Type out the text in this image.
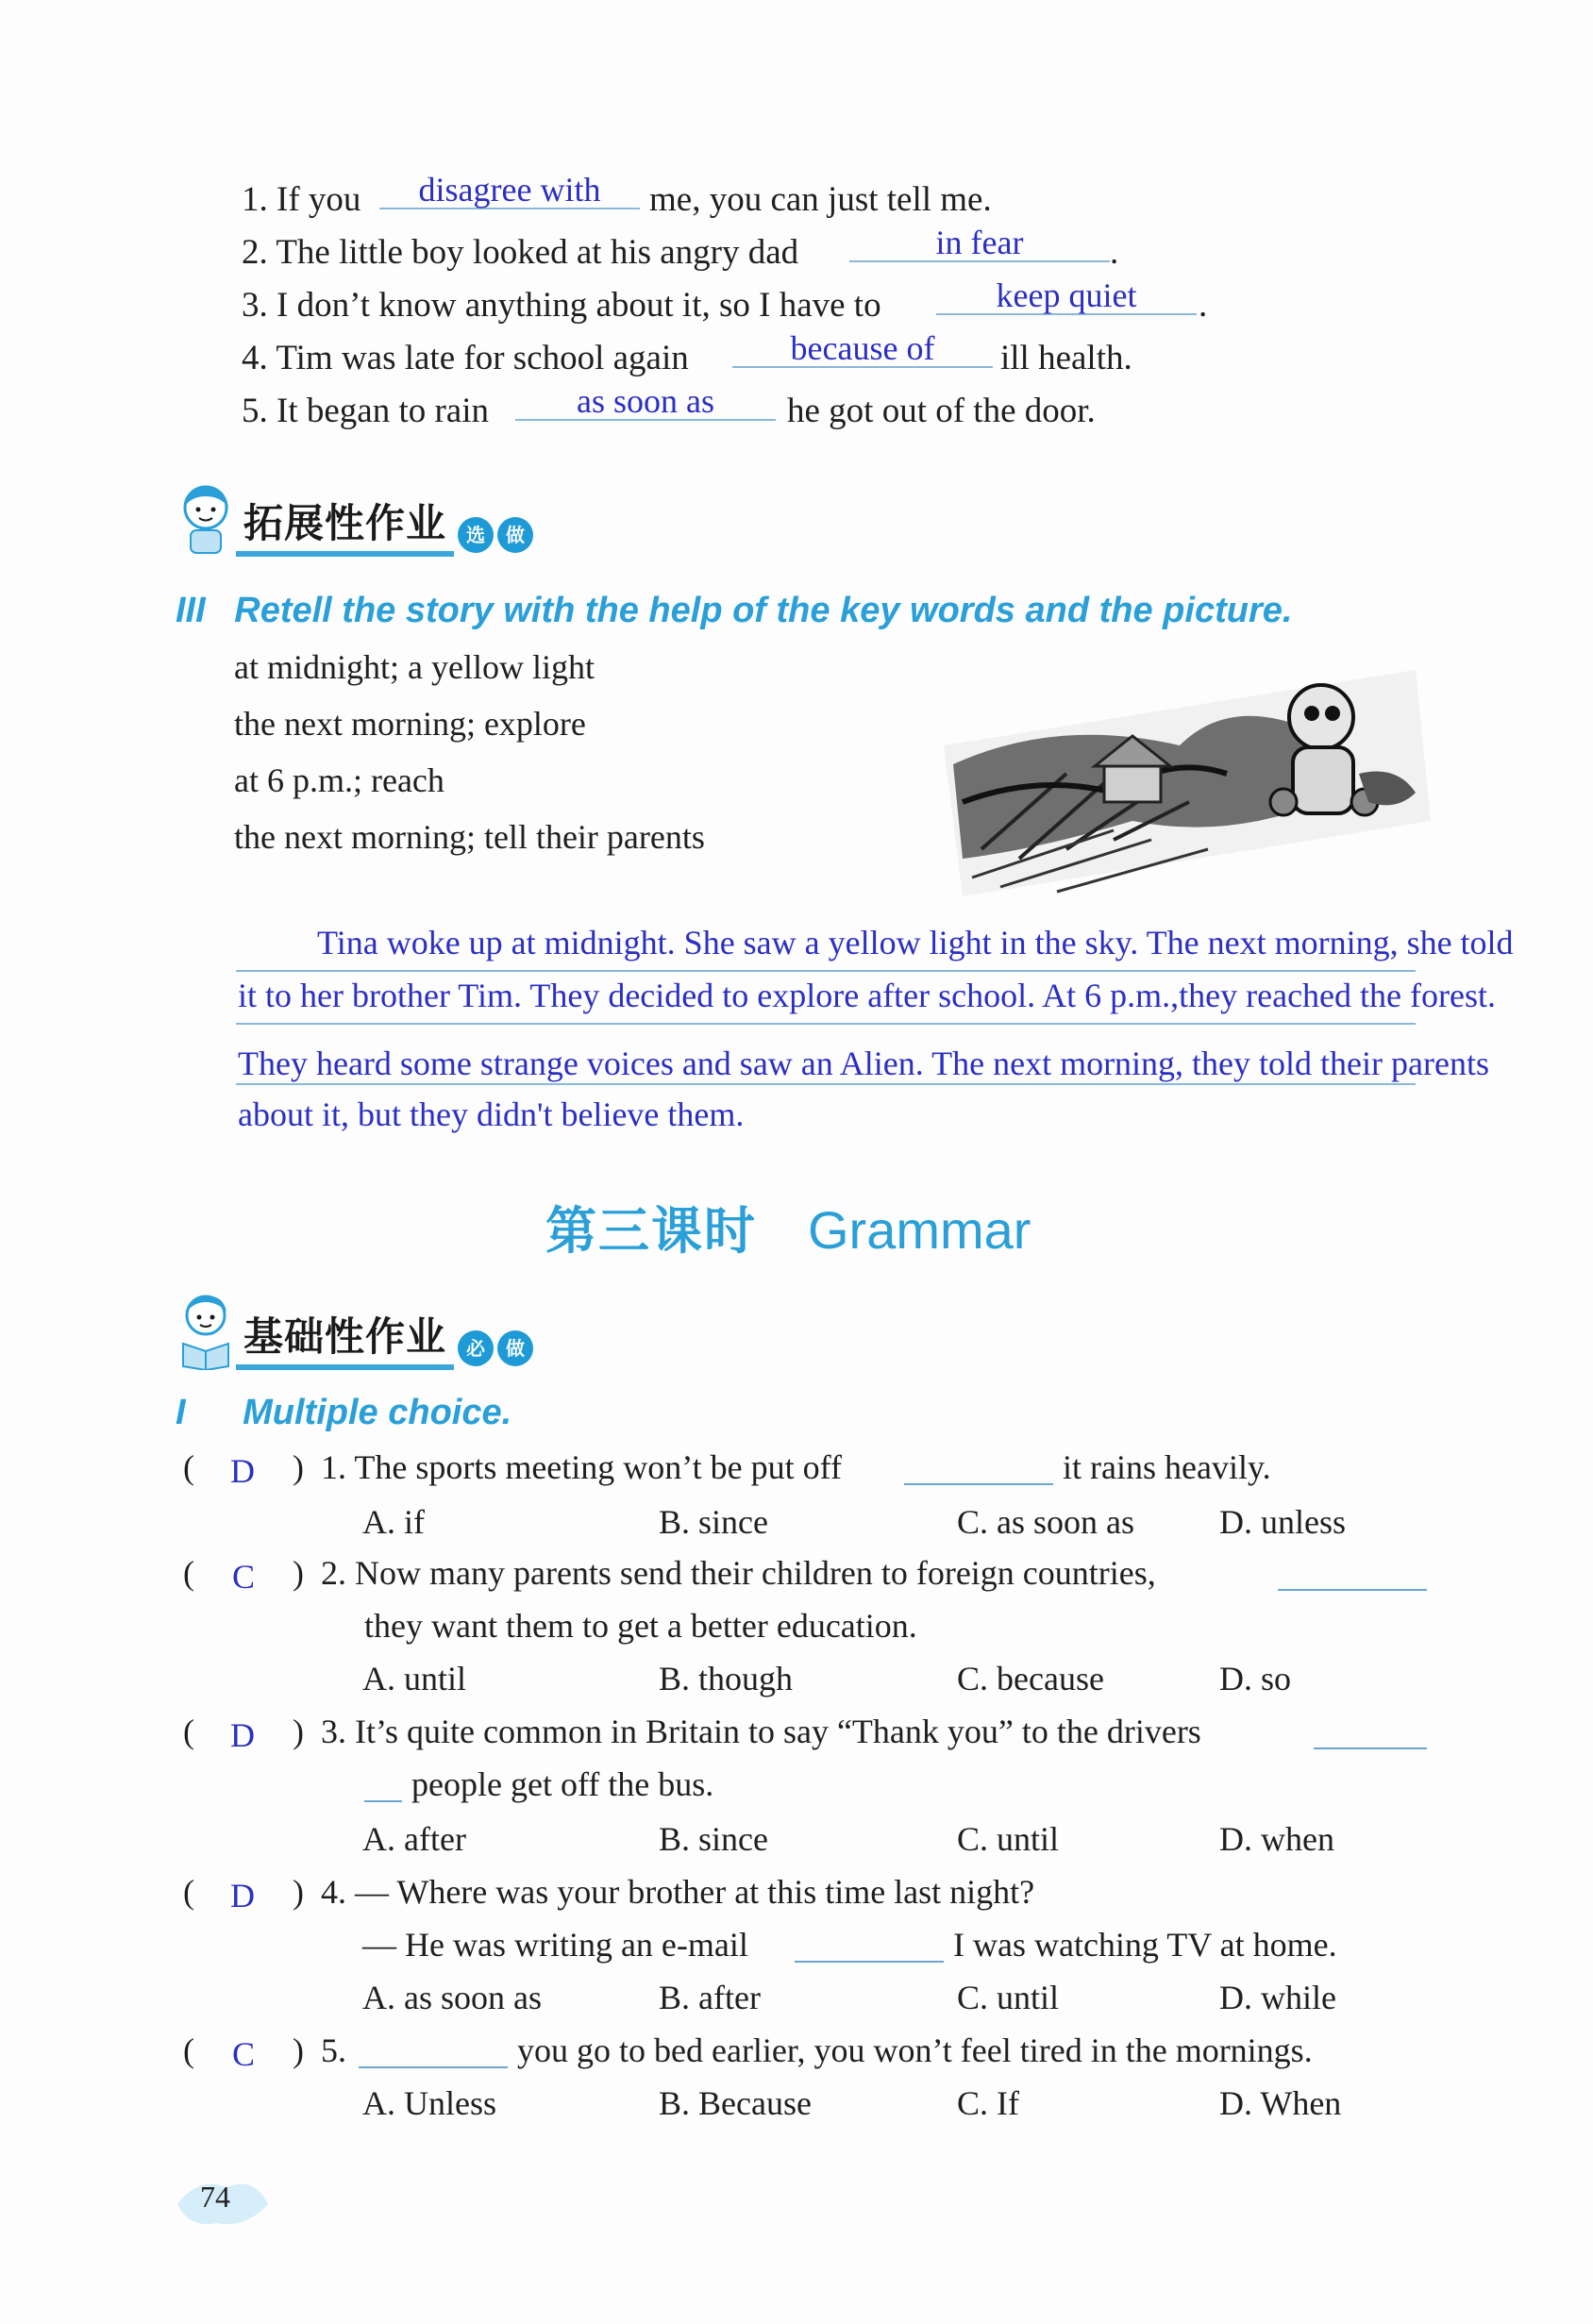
1. If you	disagree with	me, you can just tell me.
2. The little boy looked at his angry dad	in fear	.
3. I don’t know anything about it, so I have to	keep quiet	.
4. Tim was late for school again	because of	ill health.
5. It began to rain	as soon as	he got out of the door.
拓展性作业	选	做
III Retell the story with the help of the key words and the picture.
at midnight; a yellow light
the next morning; explore
at 6 p.m.; reach
the next morning; tell their parents
Tina woke up at midnight. She saw a yellow light in the sky. The next morning, she told
it to her brother Tim. They decided to explore after school. At 6 p.m.,they reached the forest.
They heard some strange voices and saw an Alien. The next morning, they told their parents
about it, but they didn't believe them.
第三课时 Grammar
基础性作业	必	做
I Multiple choice.
( D ) 1. The sports meeting won’t be put off	it rains heavily.
A. if	B. since	C. as soon as	D. unless
( C ) 2. Now many parents send their children to foreign countries,
they want them to get a better education.
A. until	B. though	C. because	D. so
( D ) 3. It’s quite common in Britain to say “Thank you” to the drivers
people get off the bus.
A. after	B. since	C. until	D. when
( D ) 4. — Where was your brother at this time last night?
— He was writing an e-mail	I was watching TV at home.
A. as soon as	B. after	C. until	D. while
( C ) 5.	you go to bed earlier, you won’t feel tired in the mornings.
A. Unless	B. Because	C. If	D. When
74
